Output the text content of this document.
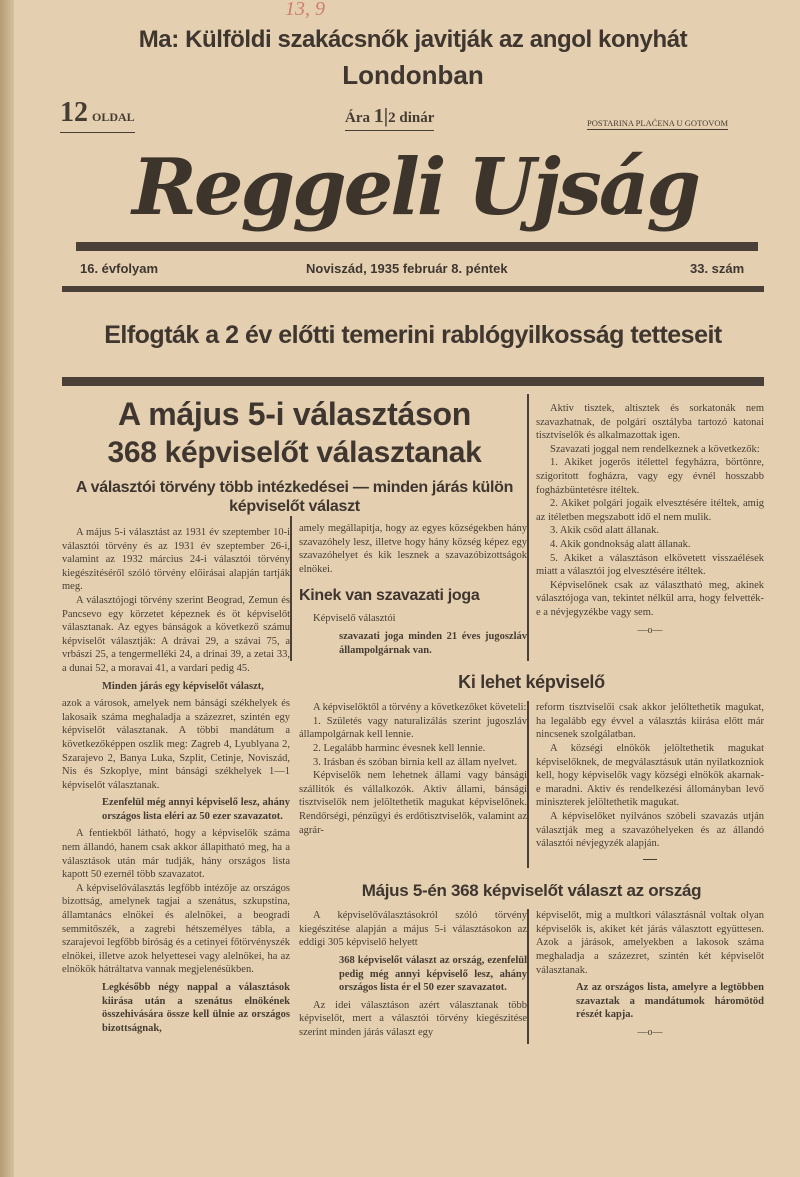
13, 9
Ma: Külföldi szakácsnők javitják az angol konyhát
Londonban
12 OLDAL	Ára 1|2 dinár	POSTARINA PLAĆENA U GOTOVOM
Reggeli Ujság
16. évfolyam	Noviszád, 1935 február 8. péntek	33. szám
Elfogták a 2 év előtti temerini rablógyilkosság tetteseit
A május 5-i választáson
368 képviselőt választanak
A választói törvény több intézkedései — minden járás külön képviselőt választ

A május 5-i választást az 1931 év szeptember 10-i választói törvény és az 1931 év szeptember 26-i, valamint az 1932 március 24-i választói törvény kiegészitéséről szóló törvény előirásai alapján tartják meg.

A választójogi törvény szerint Beograd, Zemun és Pancsevo egy körzetet képeznek és öt képviselőt választanak. Az egyes bánságok a következő számu képviselőt választják: A drávai 29, a szávai 75, a vrbászi 25, a tengermelléki 24, a drinai 39, a zetai 33, a dunai 52, a moravai 41, a vardari pedig 45.

Minden járás egy képviselőt választ,

azok a városok, amelyek nem bánsági székhelyek és lakosaik száma meghaladja a százezret, szintén egy képviselőt választanak. A többi mandátum a következőképpen oszlik meg: Zagreb 4, Lyublyana 2, Szarajevo 2, Banya Luka, Szplit, Cetinje, Noviszád, Nis és Szkoplye, mint bánsági székhelyek 1—1 képviselőt választanak.

Ezenfelül még annyi képviselő lesz, ahány országos lista eléri az 50 ezer szavazatot.

A fentiekből látható, hogy a képviselők száma nem állandó, hanem csak akkor állapitható meg, ha a választások után már tudják, hány országos lista kapott 50 ezernél több szavazatot.

A képviselőválasztás legfőbb intézője az országos bizottság, amelynek tagjai a szenátus, szkupstina, államtanács elnökei és alelnökei, a beogradi semmitőszék, a zagrebi hétszemélyes tábla, a szarajevoi legfőbb biróság és a cetinyei főtörvényszék elnökei, illetve azok helyettesei vagy alelnökei, ha az elnökök hátráltatva vannak megjelenésükben.

Legkésőbb négy nappal a választások kiirása után a szenátus elnökének összehivására össze kell ülnie az országos bizottságnak,

amely megállapitja, hogy az egyes községekben hány szavazóhely lesz, illetve hogy hány község képez egy szavazóhelyet és kik lesznek a szavazóbizottságok elnökei.

Kinek van szavazati joga

Képviselő választói

szavazati joga minden 21 éves jugoszláv állampolgárnak van.

Aktiv tisztek, altisztek és sorkatonák nem szavazhatnak, de polgári osztályba tartozó katonai tisztviselők és alkalmazottak igen.

Szavazati joggal nem rendelkeznek a következők:

1. Akiket jogerős itélettel fegyházra, börtönre, szigoritott fogházra, vagy egy évnél hosszabb fogházbüntetésre itéltek.

2. Akiket polgári jogaik elvesztésére itéltek, amig az itéletben megszabott idő el nem mulik.

3. Akik csőd alatt állanak.

4. Akik gondnokság alatt állanak.

5. Akiket a választáson elkövetett visszaélések miatt a választói jog elvesztésére itéltek.

Képviselőnek csak az választható meg, akinek választójoga van, tekintet nélkül arra, hogy felvették-e a névjegyzékbe vagy sem.

—o—
Ki lehet képviselő

A képviselőktől a törvény a következőket követeli:

1. Születés vagy naturalizálás szerint jugoszláv állampolgárnak kell lennie.

2. Legalább harminc évesnek kell lennie.

3. Irásban és szóban birnia kell az állam nyelvet.

Képviselők nem lehetnek állami vagy bánsági szállitók és vállalkozók. Aktiv állami, bánsági tisztviselők nem jelöltethetik magukat képviselőnek. Rendőrségi, pénzügyi és erdőtisztviselők, valamint az agrár-

reform tisztviselői csak akkor jelöltethetik magukat, ha legalább egy évvel a választás kiirása előtt már nincsenek szolgálatban.

A községi elnökök jelöltethetik magukat képviselőknek, de megválasztásuk után nyilatkozniok kell, hogy képviselők vagy községi elnökök akarnak-e maradni. Aktiv és rendelkezési állományban levő miniszterek jelöltethetik magukat.

A képviselőket nyilvános szóbeli szavazás utján választják meg a szavazóhelyeken és az állandó választói névjegyzék alapján.

Május 5-én 368 képviselőt választ az ország

A képviselőválasztásokról szóló törvény kiegészitése alapján a május 5-i választásokon az eddigi 305 képviselő helyett

368 képviselőt választ az ország, ezenfelül pedig még annyi képviselő lesz, ahány országos lista ér el 50 ezer szavazatot.

Az idei választáson azért választanak több képviselőt, mert a választói törvény kiegészitése szerint minden járás választ egy

képviselőt, mig a multkori választásnál voltak olyan képviselők is, akiket két járás választott együttesen. Azok a járások, amelyekben a lakosok száma meghaladja a százezret, szintén két képviselőt választanak.

Az az országos lista, amelyre a legtöbben szavaztak a mandátumok háromötöd részét kapja.

—o—
